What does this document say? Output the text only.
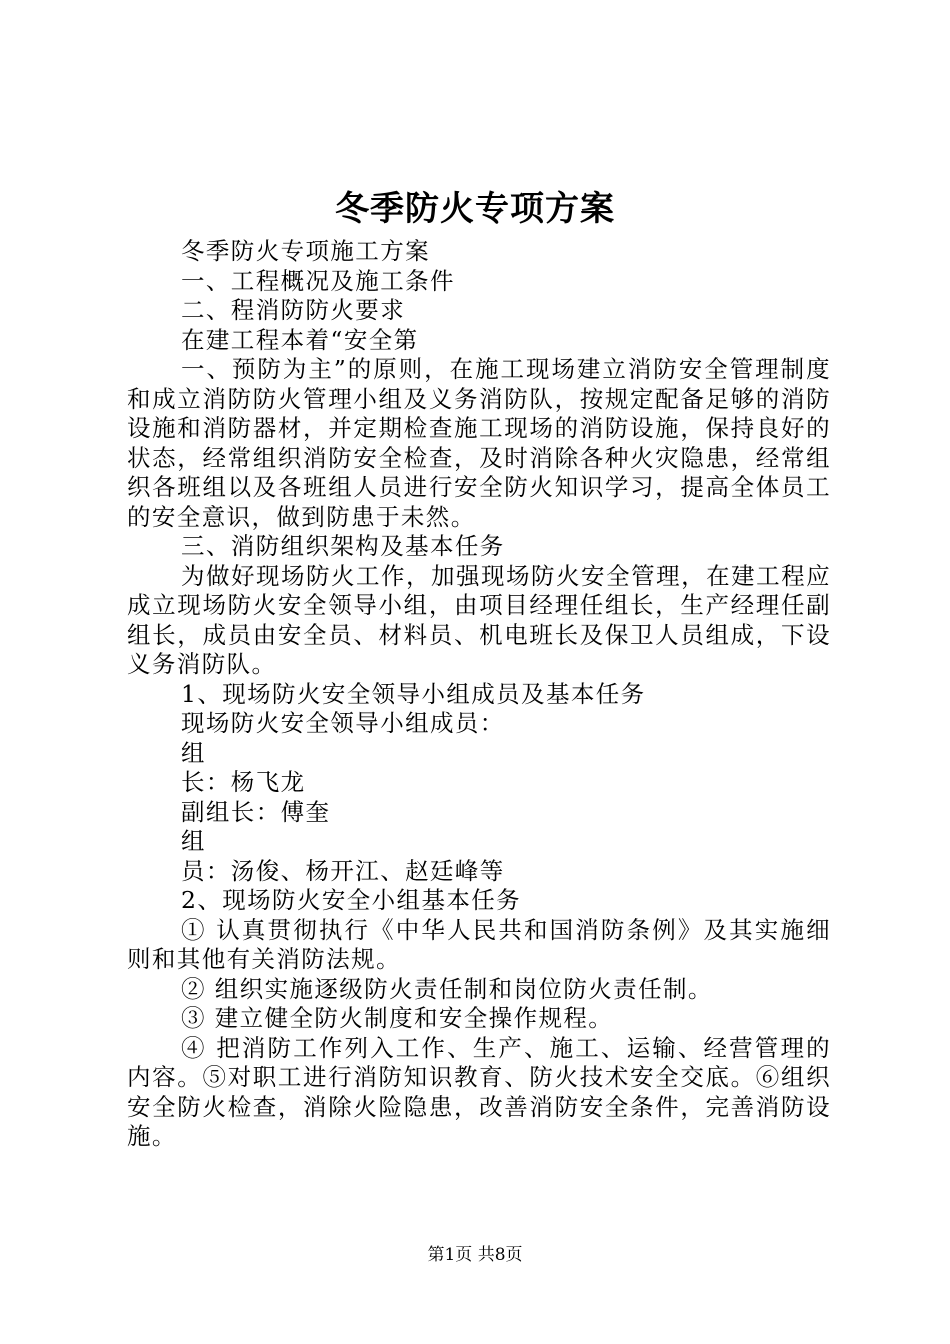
冬季防火专项方案

冬季防火专项施工方案

一、工程概况及施工条件

二、程消防防火要求

在建工程本着“安全第

一、预防为主”的原则，在施工现场建立消防安全管理制度和成立消防防火管理小组及义务消防队，按规定配备足够的消防设施和消防器材，并定期检查施工现场的消防设施，保持良好的状态，经常组织消防安全检查，及时消除各种火灾隐患，经常组织各班组以及各班组人员进行安全防火知识学习，提高全体员工的安全意识，做到防患于未然。

三、消防组织架构及基本任务

为做好现场防火工作，加强现场防火安全管理，在建工程应成立现场防火安全领导小组，由项目经理任组长，生产经理任副组长，成员由安全员、材料员、机电班长及保卫人员组成，下设义务消防队。

1、现场防火安全领导小组成员及基本任务

现场防火安全领导小组成员：

组

长：杨飞龙

副组长：傅奎

组

员：汤俊、杨开江、赵廷峰等

2、现场防火安全小组基本任务

① 认真贯彻执行《中华人民共和国消防条例》及其实施细则和其他有关消防法规。

② 组织实施逐级防火责任制和岗位防火责任制。

③ 建立健全防火制度和安全操作规程。

④ 把消防工作列入工作、生产、施工、运输、经营管理的内容。⑤对职工进行消防知识教育、防火技术安全交底。⑥组织安全防火检查，消除火险隐患，改善消防安全条件，完善消防设施。

第1页 共8页
